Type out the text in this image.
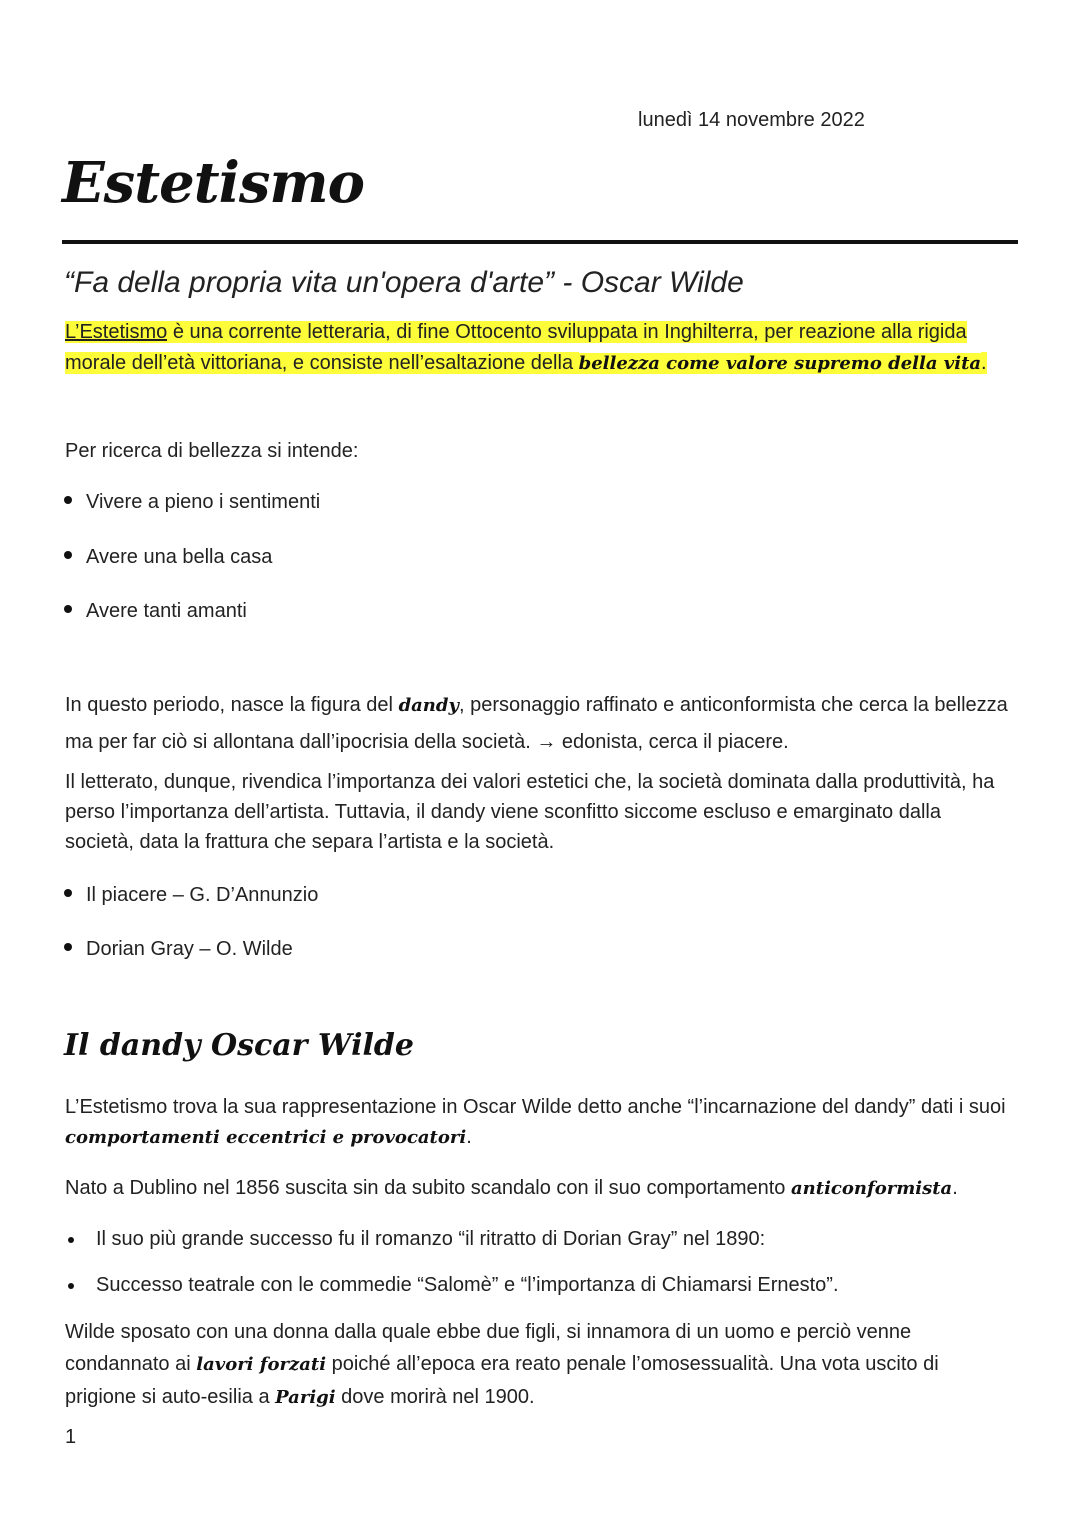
lunedì 14 novembre 2022
Estetismo
“Fa della propria vita un'opera d'arte” - Oscar Wilde
L’Estetismo è una corrente letteraria, di fine Ottocento sviluppata in Inghilterra, per reazione alla rigida morale dell’età vittoriana, e consiste nell’esaltazione della bellezza come valore supremo della vita.
Per ricerca di bellezza si intende:
Vivere a pieno i sentimenti
Avere una bella casa
Avere tanti amanti
In questo periodo, nasce la figura del dandy, personaggio raffinato e anticonformista che cerca la bellezza ma per far ciò si allontana dall’ipocrisia della società. → edonista, cerca il piacere.
Il letterato, dunque, rivendica l’importanza dei valori estetici che, la società dominata dalla produttività, ha perso l’importanza dell’artista. Tuttavia, il dandy viene sconfitto siccome escluso e emarginato dalla società, data la frattura che separa l’artista e la società.
Il piacere – G. D’Annunzio
Dorian Gray – O. Wilde
Il dandy Oscar Wilde
L’Estetismo trova la sua rappresentazione in Oscar Wilde detto anche “l’incarnazione del dandy” dati i suoi comportamenti eccentrici e provocatori.
Nato a Dublino nel 1856 suscita sin da subito scandalo con il suo comportamento anticonformista.
Il suo più grande successo fu il romanzo “il ritratto di Dorian Gray” nel 1890:
Successo teatrale con le commedie “Salomè” e “l’importanza di Chiamarsi Ernesto”.
Wilde sposato con una donna dalla quale ebbe due figli, si innamora di un uomo e perciò venne condannato ai lavori forzati poiché all’epoca era reato penale l’omosessualità. Una vota uscito di prigione si auto-esilia a Parigi dove morirà nel 1900.
1
